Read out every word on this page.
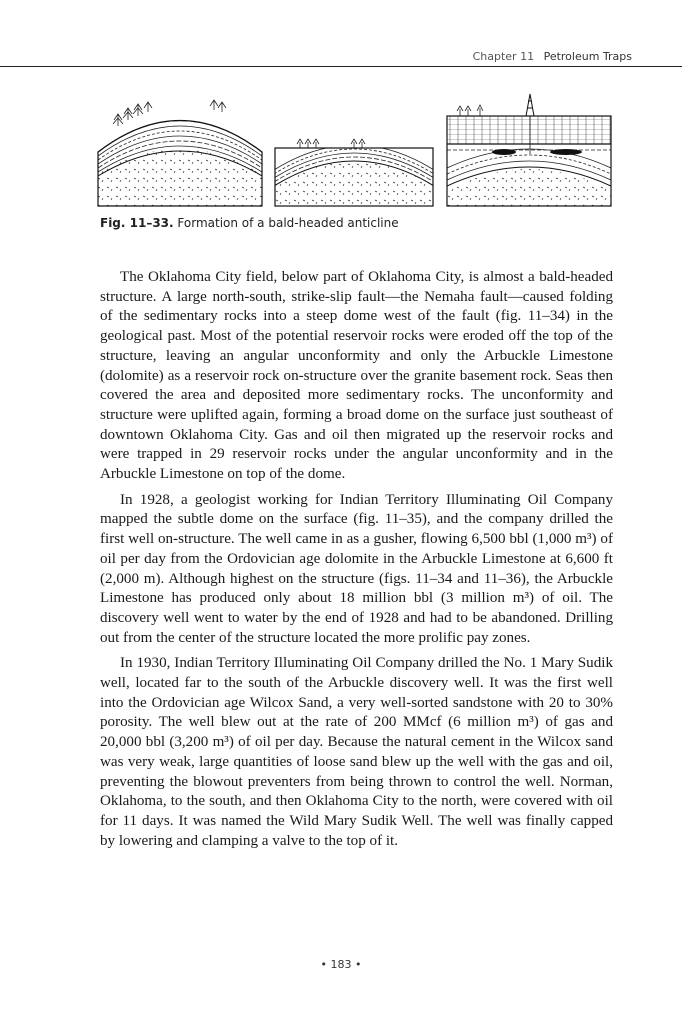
Chapter 11 Petroleum Traps
Fig. 11–33. Formation of a bald-headed anticline

The Oklahoma City field, below part of Oklahoma City, is almost a bald-headed structure. A large north-south, strike-slip fault—the Nemaha fault—caused folding of the sedimentary rocks into a steep dome west of the fault (fig. 11–34) in the geological past. Most of the potential reservoir rocks were eroded off the top of the structure, leaving an angular unconformity and only the Arbuckle Limestone (dolomite) as a reservoir rock on-structure over the granite basement rock. Seas then covered the area and deposited more sedimentary rocks. The unconformity and structure were uplifted again, forming a broad dome on the surface just southeast of downtown Oklahoma City. Gas and oil then migrated up the reservoir rocks and were trapped in 29 reservoir rocks under the angular unconformity and in the Arbuckle Limestone on top of the dome.

In 1928, a geologist working for Indian Territory Illuminating Oil Company mapped the subtle dome on the surface (fig. 11–35), and the company drilled the first well on-structure. The well came in as a gusher, flowing 6,500 bbl (1,000 m³) of oil per day from the Ordovician age dolomite in the Arbuckle Limestone at 6,600 ft (2,000 m). Although highest on the structure (figs. 11–34 and 11–36), the Arbuckle Limestone has produced only about 18 million bbl (3 million m³) of oil. The discovery well went to water by the end of 1928 and had to be abandoned. Drilling out from the center of the structure located the more prolific pay zones.

In 1930, Indian Territory Illuminating Oil Company drilled the No. 1 Mary Sudik well, located far to the south of the Arbuckle discovery well. It was the first well into the Ordovician age Wilcox Sand, a very well-sorted sandstone with 20 to 30% porosity. The well blew out at the rate of 200 MMcf (6 million m³) of gas and 20,000 bbl (3,200 m³) of oil per day. Because the natural cement in the Wilcox sand was very weak, large quantities of loose sand blew up the well with the gas and oil, preventing the blowout preventers from being thrown to control the well. Norman, Oklahoma, to the south, and then Oklahoma City to the north, were covered with oil for 11 days. It was named the Wild Mary Sudik Well. The well was finally capped by lowering and clamping a valve to the top of it.

• 183 •
